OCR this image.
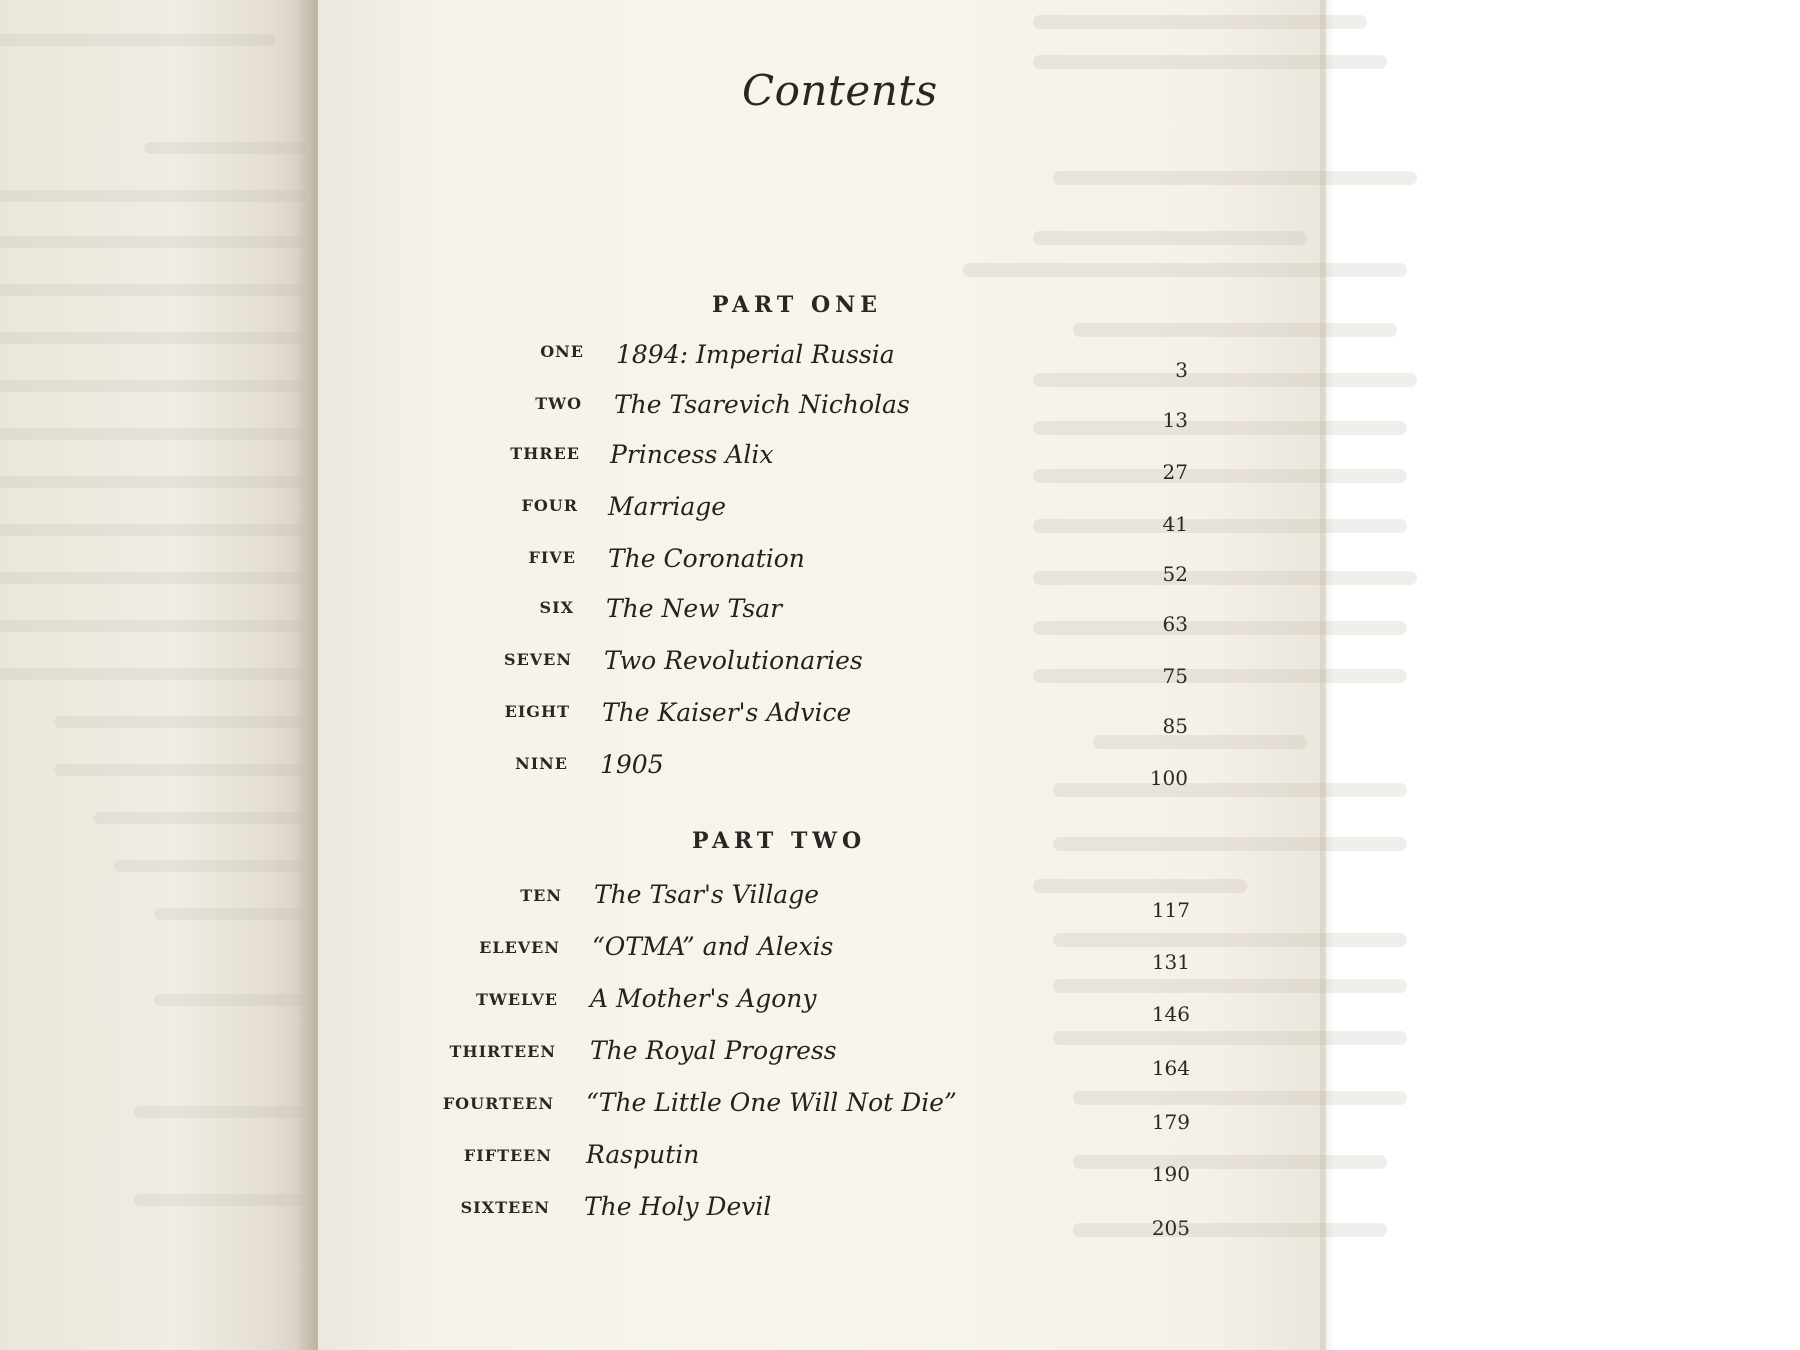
Contents
PART ONE
ONE 1894: Imperial Russia
3
TWO The Tsarevich Nicholas
13
THREE Princess Alix
27
FOUR Marriage
41
FIVE The Coronation
52
SIX The New Tsar
63
SEVEN Two Revolutionaries
75
EIGHT The Kaiser's Advice	85
NINE 1905	100
PART TWO
TEN The Tsar's Village
117
ELEVEN “OTMA” and Alexis
131
TWELVE A Mother's Agony
146
THIRTEEN The Royal Progress
164
FOURTEEN “The Little One Will Not Die”
179
FIFTEEN Rasputin
190
SIXTEEN The Holy Devil
205
